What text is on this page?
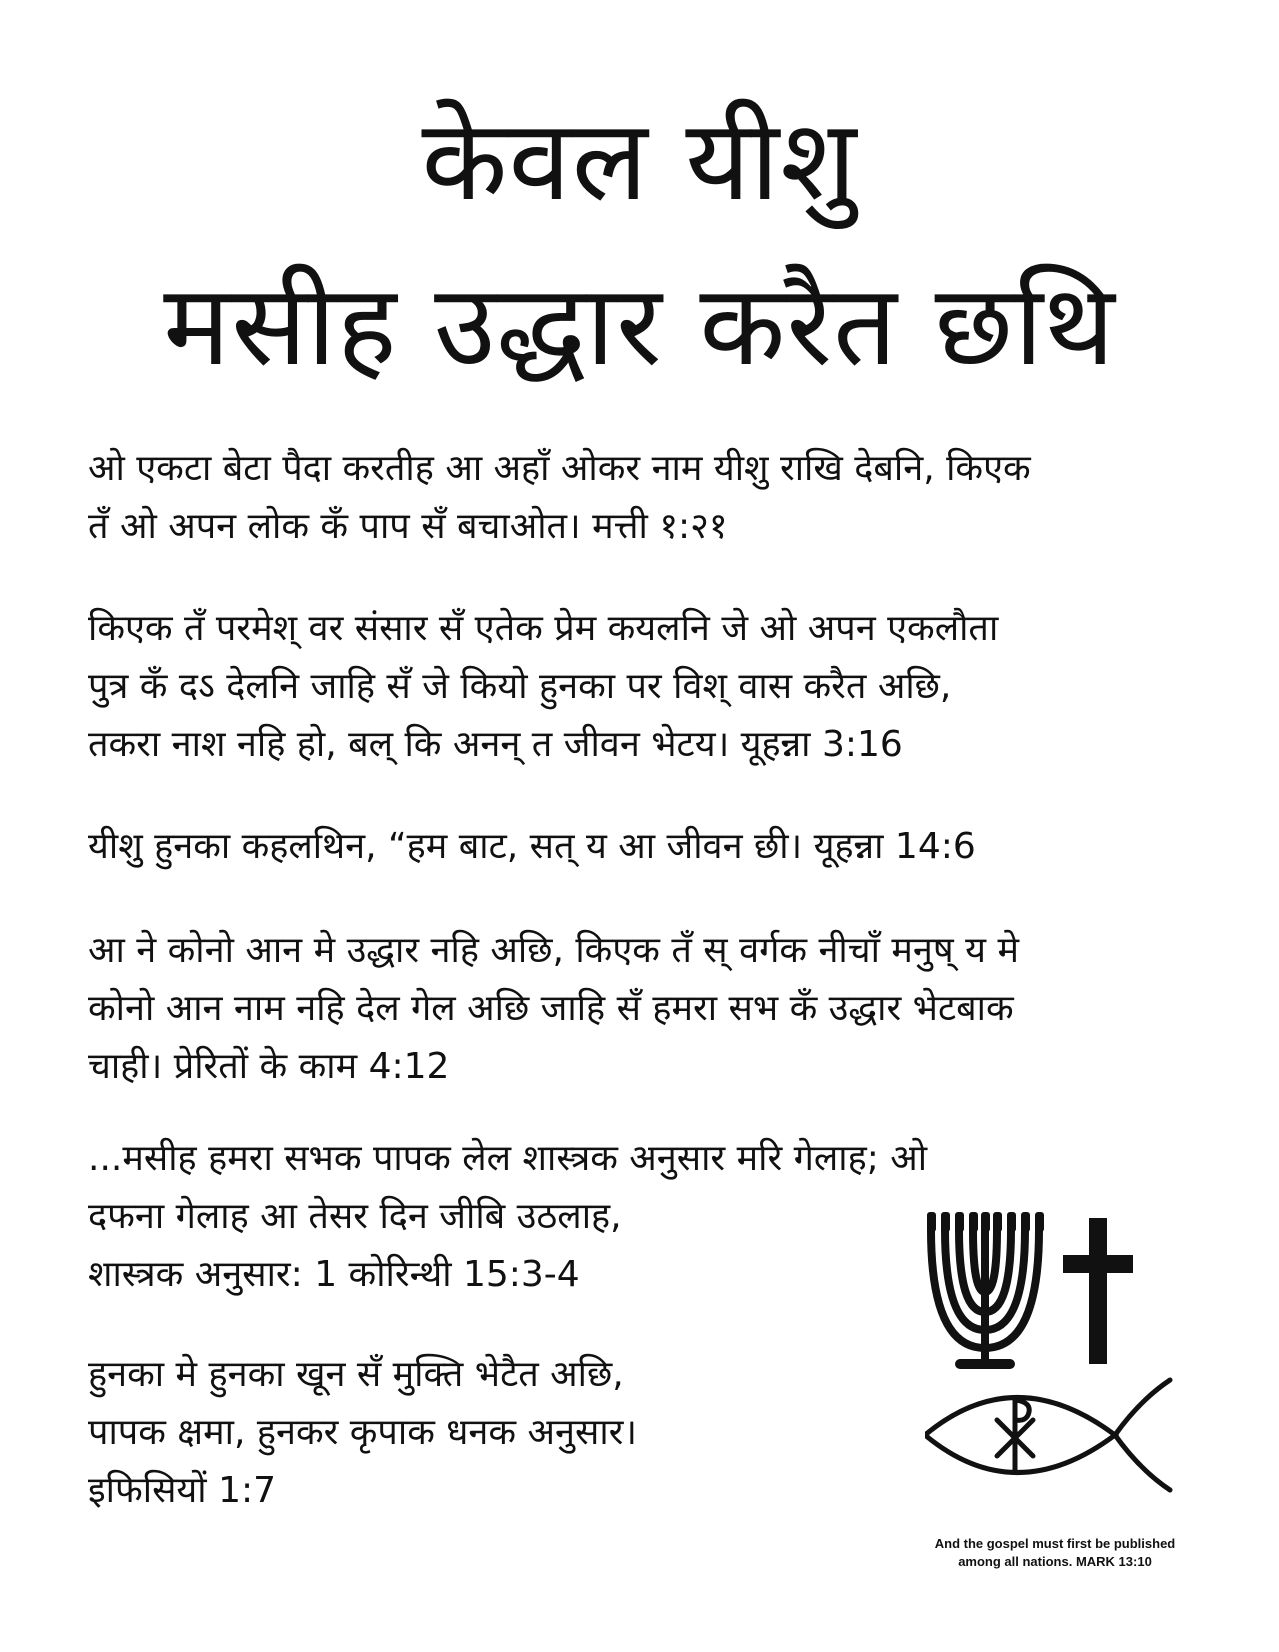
केवल यीशु
मसीह उद्धार करैत छथि

ओ एकटा बेटा पैदा करतीह आ अहाँ ओकर नाम यीशु राखि देबनि, किएक
तँ ओ अपन लोक कँ पाप सँ बचाओत। मत्ती १:२१

किएक तँ परमेश् वर संसार सँ एतेक प्रेम कयलनि जे ओ अपन एकलौता
पुत्र कँ दऽ देलनि जाहि सँ जे कियो हुनका पर विश् वास करैत अछि,
तकरा नाश नहि हो, बल् कि अनन् त जीवन भेटय। यूहन्ना 3:16

यीशु हुनका कहलथिन, “हम बाट, सत् य आ जीवन छी। यूहन्ना 14:6

आ ने कोनो आन मे उद्धार नहि अछि, किएक तँ स् वर्गक नीचाँ मनुष् य मे
कोनो आन नाम नहि देल गेल अछि जाहि सँ हमरा सभ कँ उद्धार भेटबाक
चाही। प्रेरितों के काम 4:12

...मसीह हमरा सभक पापक लेल शास्त्रक अनुसार मरि गेलाह; ओ
दफना गेलाह आ तेसर दिन जीबि उठलाह,
शास्त्रक अनुसार: 1 कोरिन्थी 15:3-4

हुनका मे हुनका खून सँ मुक्ति भेटैत अछि,
पापक क्षमा, हुनकर कृपाक धनक अनुसार।
इफिसियों 1:7

And the gospel must first be published
among all nations. MARK 13:10
